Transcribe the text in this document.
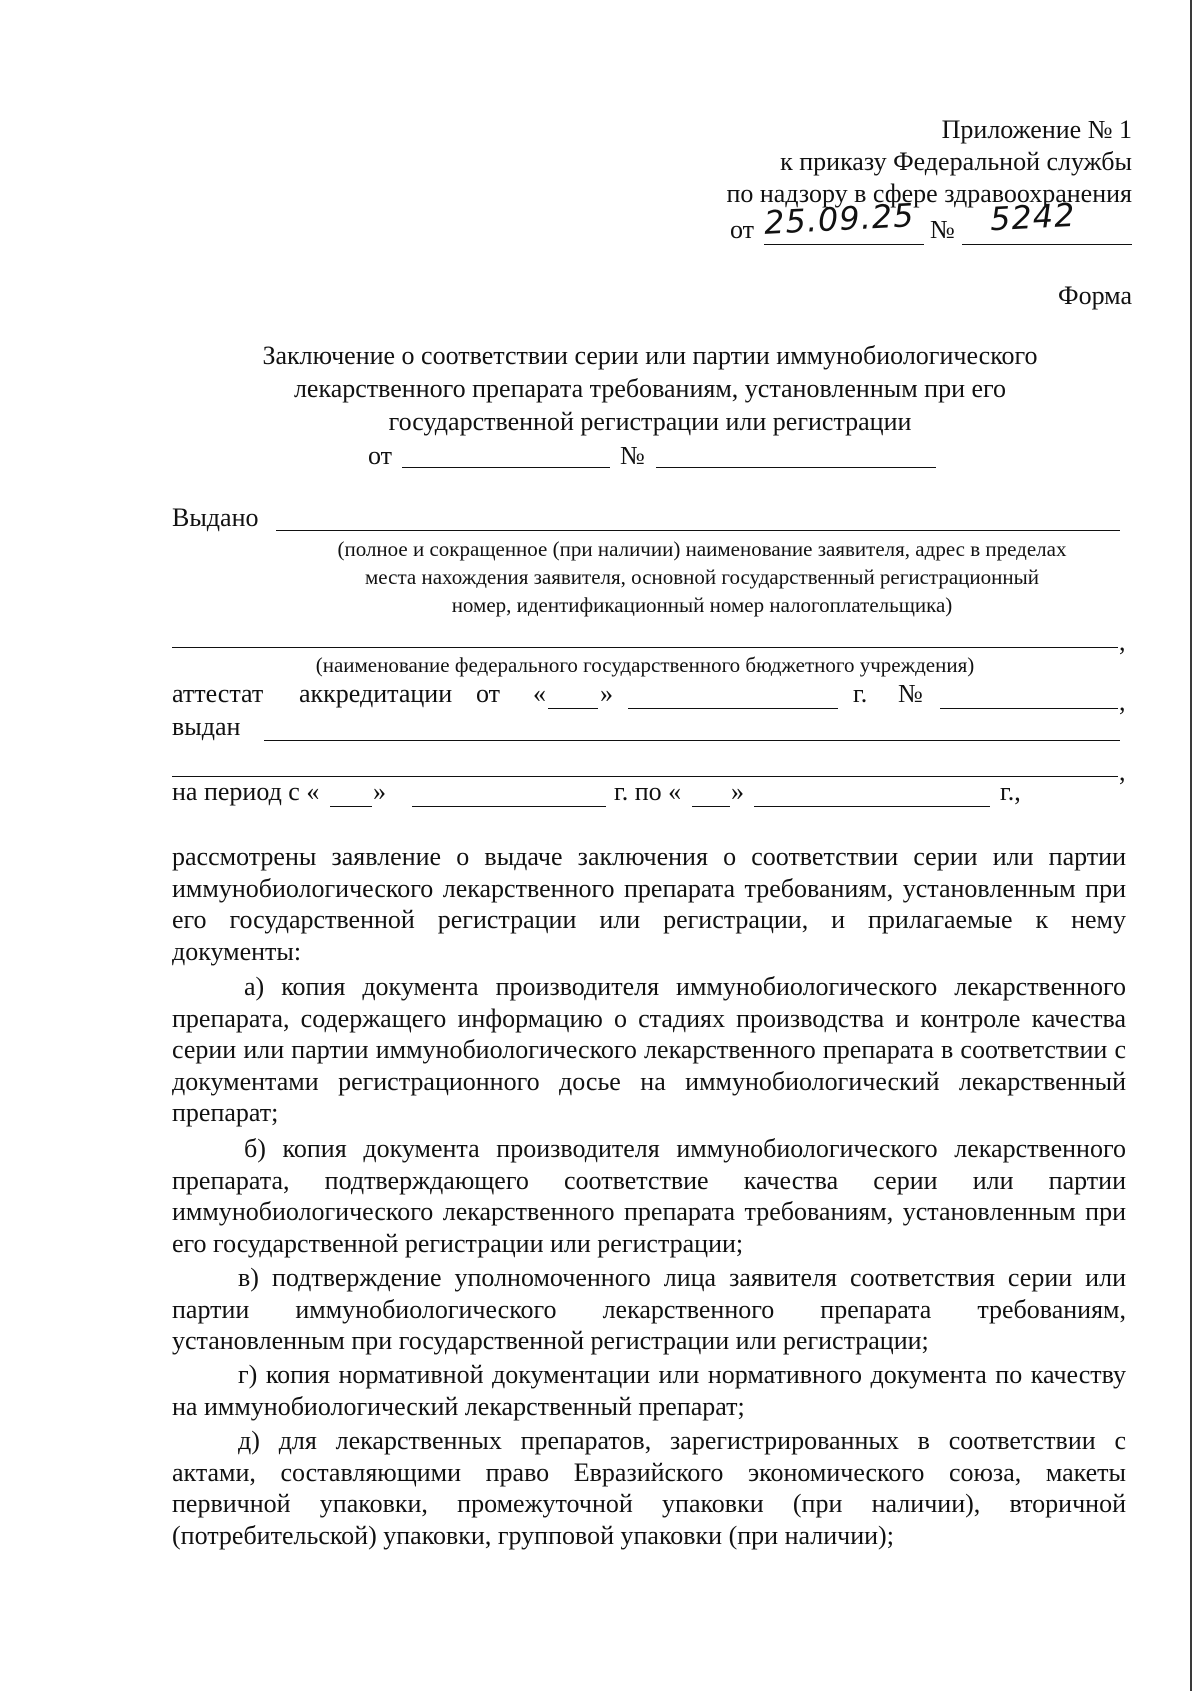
Приложение № 1
к приказу Федеральной службы
по надзору в сфере здравоохранения
от 25.09.25 № 5242
Форма
Заключение о соответствии серии или партии иммунобиологического
лекарственного препарата требованиям, установленным при его
государственной регистрации или регистрации
от	№
Выдано
(полное и сокращенное (при наличии) наименование заявителя, адрес в пределах
места нахождения заявителя, основной государственный регистрационный
номер, идентификационный номер налогоплательщика)
,
(наименование федерального государственного бюджетного учреждения)
аттестат аккредитации от « »	г. №	,
выдан
,
на период с « »	г. по « »	г.,
рассмотрены заявление о выдаче заключения о соответствии серии или партии иммунобиологического лекарственного препарата требованиям, установленным при его государственной регистрации или регистрации, и прилагаемые к нему документы:
а) копия документа производителя иммунобиологического лекарственного препарата, содержащего информацию о стадиях производства и контроле качества серии или партии иммунобиологического лекарственного препарата в соответствии с документами регистрационного досье на иммунобиологический лекарственный препарат;
б) копия документа производителя иммунобиологического лекарственного препарата, подтверждающего соответствие качества серии или партии иммунобиологического лекарственного препарата требованиям, установленным при его государственной регистрации или регистрации;
в) подтверждение уполномоченного лица заявителя соответствия серии или партии иммунобиологического лекарственного препарата требованиям, установленным при государственной регистрации или регистрации;
г) копия нормативной документации или нормативного документа по качеству на иммунобиологический лекарственный препарат;
д) для лекарственных препаратов, зарегистрированных в соответствии с актами, составляющими право Евразийского экономического союза, макеты первичной упаковки, промежуточной упаковки (при наличии), вторичной (потребительской) упаковки, групповой упаковки (при наличии);
